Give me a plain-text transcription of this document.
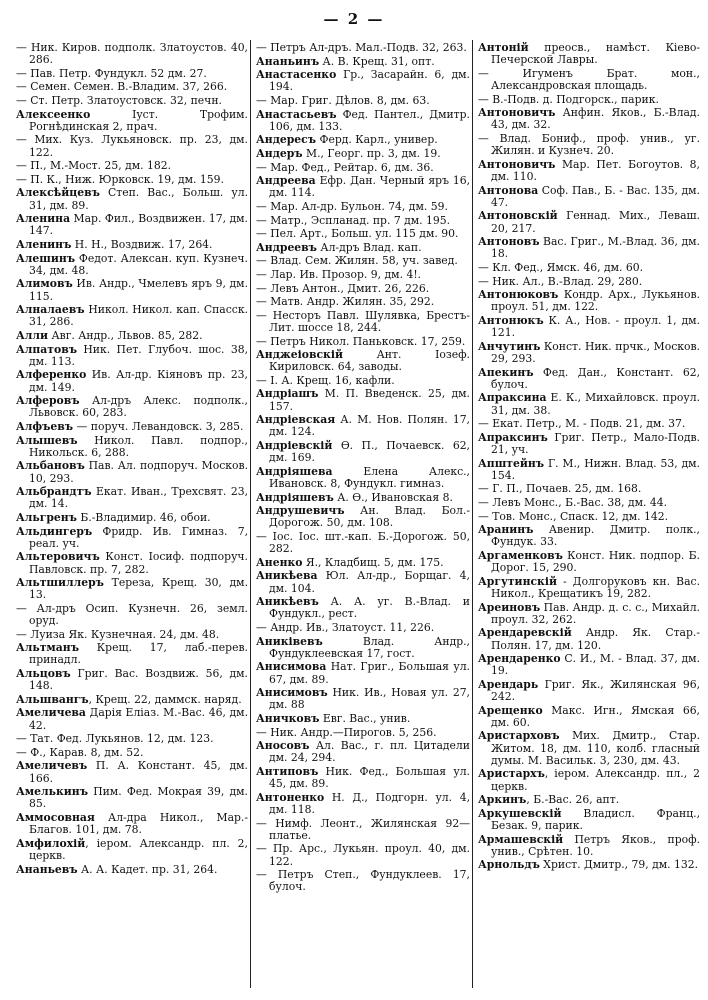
— 2 —

— Ник. Киров. подполк. Златоустов. 40, 286.

— Пав. Петр. Фундукл. 52 дм. 27.

— Семен. Семен. В.-Владим. 37, 266.

— Ст. Петр. Златоустовск. 32, печн.

Алексеенко Iуст. Трофим. Рогнѣдинская 2, прач.

— Мих. Куз. Лукьяновск. пр. 23, дм. 122.

— П., М.-Мост. 25, дм. 182.

— П. К., Ниж. Юрковск. 19, дм. 159.

Алексѣйцевъ Степ. Вас., Больш. ул. 31, дм. 89.

Аленина Мар. Фил., Воздвижен. 17, дм. 147.

Аленинъ Н. Н., Воздвиж. 17, 264.

Алешинъ Федот. Алексан. куп. Кузнеч. 34, дм. 48.

Алимовъ Ив. Андр., Чмелевъ яръ 9, дм. 115.

Алналаевъ Никол. Никол. кап. Спасск. 31, 286.

Алли Авг. Андр., Львов. 85, 282.

Алпатовъ Ник. Пет. Глубоч. шос. 38, дм. 113.

Алференко Ив. Ал-др. Кіяновъ пр. 23, дм. 149.

Алферовъ Ал-дръ Алекс. подполк., Львовск. 60, 283.

Алфъевъ — поруч. Левандовск. 3, 285.

Алышевъ Никол. Павл. подпор., Никольск. 6, 288.

Альбановъ Пав. Ал. подпоруч. Москов. 10, 293.

Альбрандтъ Екат. Иван., Трехсвят. 23, дм. 14.

Альгренъ Б.-Владимир. 46, обои.

Альдингеръ Фридр. Ив. Гимназ. 7, реал. уч.

Альтеровичъ Конст. Iосиф. подпоруч. Павловск. пр. 7, 282.

Альтшиллеръ Тереза, Крещ. 30, дм. 13.

— Ал-дръ Осип. Кузнечн. 26, земл. оруд.

— Луиза Як. Кузнечная. 24, дм. 48.

Альтманъ Крещ. 17, лаб.-перев. принадл.

Альцовъ Григ. Вас. Воздвиж. 56, дм. 148.

Альшвангъ, Крещ. 22, даммск. наряд.

Амеличева Дарія Еліаз. М.-Вас. 46, дм. 42.

— Тат. Фед. Лукьянов. 12, дм. 123.

— Ф., Карав. 8, дм. 52.

Амеличевъ П. А. Констант. 45, дм. 166.

Амелькинъ Пим. Фед. Мокрая 39, дм. 85.

Аммосовная Ал-дра Никол., Мар.-Благов. 101, дм. 78.

Амфилохій, іером. Александр. пл. 2, церкв.

Ананьевъ А. А. Кадет. пр. 31, 264.

— Петръ Ал-дръ. Мал.-Подв. 32, 263.

Ананьинъ А. В. Крещ. 31, опт.

Анастасенко Гр., Засарайн. 6, дм. 194.

— Мар. Григ. Дѣлов. 8, дм. 63.

Анастасьевъ Фед. Пантел., Дмитр. 106, дм. 133.

Андересъ Ферд. Карл., универ.

Андеръ М., Георг. пр. 3, дм. 19.

— Мар. Фед., Рейтар. 6, дм. 36.

Андреева Ефр. Дан. Черный яръ 16, дм. 114.

— Мар. Ал-др. Бульон. 74, дм. 59.

— Матр., Эспланад. пр. 7 дм. 195.

— Пел. Арт., Больш. ул. 115 дм. 90.

Андреевъ Ал-дръ Влад. кап.

— Влад. Сем. Жилян. 58, уч. завед.

— Лар. Ив. Прозор. 9, дм. 4!.

— Левъ Антон., Дмит. 26, 226.

— Матв. Андр. Жилян. 35, 292.

— Несторъ Павл. Шулявка, Брестъ-Лит. шоссе 18, 244.

— Петръ Никол. Паньковск. 17, 259.

Анджеіовскій Ант. Iозеф. Кириловск. 64, заводы.

— I. А. Крещ. 16, кафли.

Андріашъ М. П. Введенск. 25, дм. 157.

Андріевская А. М. Нов. Полян. 17, дм. 124.

Андріевскій Ѳ. П., Почаевск. 62, дм. 169.

Андріяшева Елена Алекс., Ивановск. 8, Фундукл. гимназ.

Андріяшевъ А. Ѳ., Ивановская 8.

Андрушевичъ Ан. Влад. Бол.-Дорогож. 50, дм. 108.

— Iос. Iос. шт.-кап. Б.-Дорогож. 50, 282.

Аненко Я., Кладбищ. 5, дм. 175.

Аникѣева Юл. Ал-др., Борщаг. 4, дм. 104.

Аникѣевъ А. А. уг. В.-Влад. и Фундукл., рест.

— Андр. Ив., Златоуст. 11, 226.

Аниківевъ Влад. Андр., Фундуклеевская 17, гост.

Анисимова Нат. Григ., Большая ул. 67, дм. 89.

Анисимовъ Ник. Ив., Новая ул. 27, дм. 88

Аничковъ Евг. Вас., унив.

— Ник. Андр.—Пирогов. 5, 256.

Аносовъ Ал. Вас., г. пл. Цитадели дм. 24, 294.

Антиповъ Ник. Фед., Большая ул. 45, дм. 89.

Антоненко Н. Д., Подгорн. ул. 4, дм. 118.

— Нимф. Леонт., Жилянская 92—платье.

— Пр. Арс., Лукьян. проул. 40, дм. 122.

— Петръ Степ., Фундуклеев. 17, булоч.

Антоній преосв., намѣст. Кіево-Печерской Лавры.

— Игуменъ Брат. мон., Александровская площадь.

— В.-Подв. д. Подгорск., парик.

Антоновичъ Анфин. Яков., Б.-Влад. 43, дм. 32.

— Влад. Бониф., проф. унив., уг. Жилян. и Кузнеч. 20.

Антоновичъ Мар. Пет. Богоутов. 8, дм. 110.

Антонова Соф. Пав., Б. - Вас. 135, дм. 47.

Антоновскій Геннад. Мих., Леваш. 20, 217.

Антоновъ Вас. Григ., М.-Влад. 36, дм. 18.

— Кл. Фед., Ямск. 46, дм. 60.

— Ник. Ал., В.-Влад. 29, 280.

Антонюковъ Кондр. Арх., Лукьянов. проул. 51, дм. 122.

Антонюкъ К. А., Нов. - проул. 1, дм. 121.

Анчутинъ Конст. Ник. прчк., Москов. 29, 293.

Апекинъ Фед. Дан., Констант. 62, булоч.

Апраксина Е. К., Михайловск. проул. 31, дм. 38.

— Екат. Петр., М. - Подв. 21, дм. 37.

Апраксинъ Григ. Петр., Мало-Подв. 21, уч.

Апштейнъ Г. М., Нижн. Влад. 53, дм. 154.

— Г. П., Почаев. 25, дм. 168.

— Левъ Монс., Б.-Вас. 38, дм. 44.

— Тов. Монс., Спаск. 12, дм. 142.

Аранинъ Авенир. Дмитр. полк., Фундук. 33.

Аргаменковъ Конст. Ник. подпор. Б. Дорог. 15, 290.

Аргутинскій - Долгоруковъ кн. Вас. Никол., Крещатикъ 19, 282.

Ареиновъ Пав. Андр. д. с. с., Михайл. проул. 32, 262.

Арендаревскій Андр. Як. Стар.-Полян. 17, дм. 120.

Арендаренко С. И., М. - Влад. 37, дм. 19.

Арендарь Григ. Як., Жилянская 96, 242.

Арещенко Макс. Игн., Ямская 66, дм. 60.

Аристарховъ Мих. Дмитр., Стар. Житом. 18, дм. 110, колб. гласный думы. М. Васильк. 3, 230, дм. 43.

Аристархъ, іером. Александр. пл., 2 церкв.

Аркинъ, Б.-Вас. 26, апт.

Аркушевскій Владисл. Франц., Безак. 9, парик.

Армашевскій Петръ Яков., проф. унив., Срѣтен. 10.

Арнольдъ Христ. Дмитр., 79, дм. 132.
